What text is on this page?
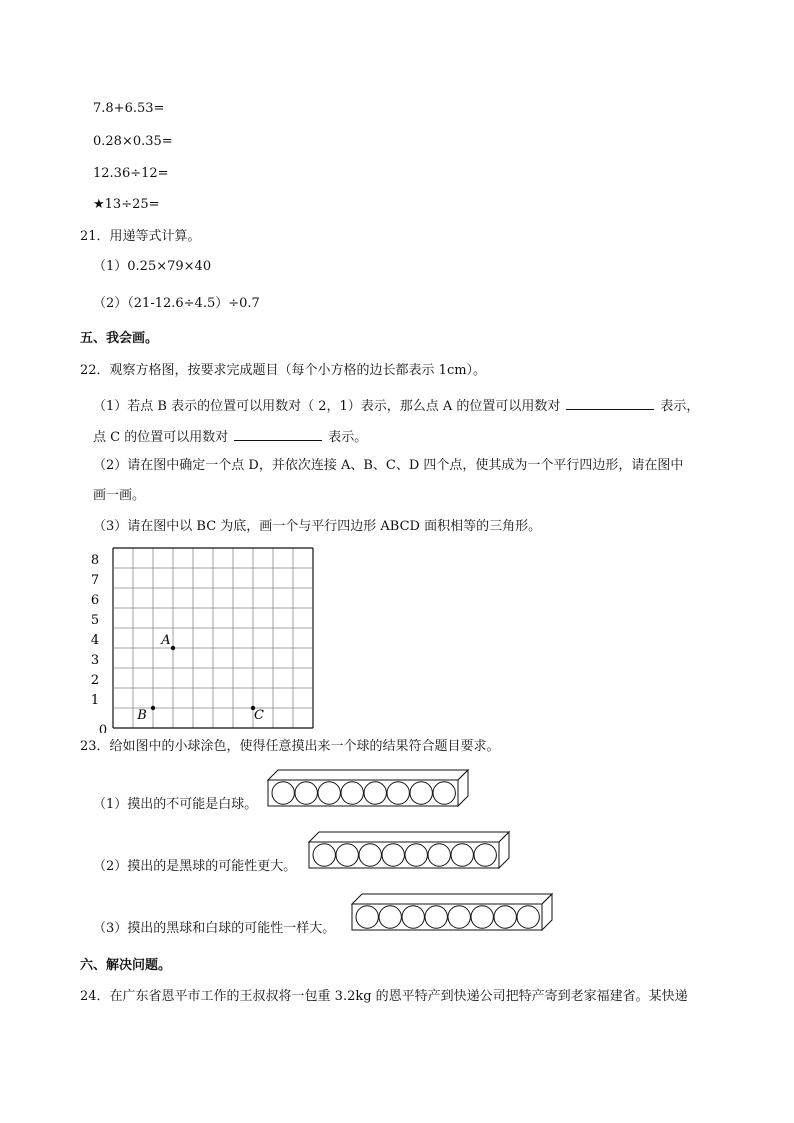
7.8+6.53=
0.28×0.35=
12.36÷12=
★13÷25=
21．用递等式计算。
（1）0.25×79×40
（2）（21-12.6÷4.5）÷0.7
五、我会画。
22．观察方格图，按要求完成题目（每个小方格的边长都表示 1cm）。
（1）若点 B 表示的位置可以用数对（ 2，1）表示，那么点 A 的位置可以用数对	表示，
点 C 的位置可以用数对	表示。
（2）请在图中确定一个点 D，并依次连接 A、B、C、D 四个点，使其成为一个平行四边形，请在图中
画一画。
（3）请在图中以 BC 为底，画一个与平行四边形 ABCD 面积相等的三角形。
8
7
6
5
4
3
2
1
0
A
B	C
23．给如图中的小球涂色，使得任意摸出来一个球的结果符合题目要求。
（1）摸出的不可能是白球。
（2）摸出的是黑球的可能性更大。
（3）摸出的黑球和白球的可能性一样大。
六、解决问题。
24．在广东省恩平市工作的王叔叔将一包重 3.2kg 的恩平特产到快递公司把特产寄到老家福建省。某快递
